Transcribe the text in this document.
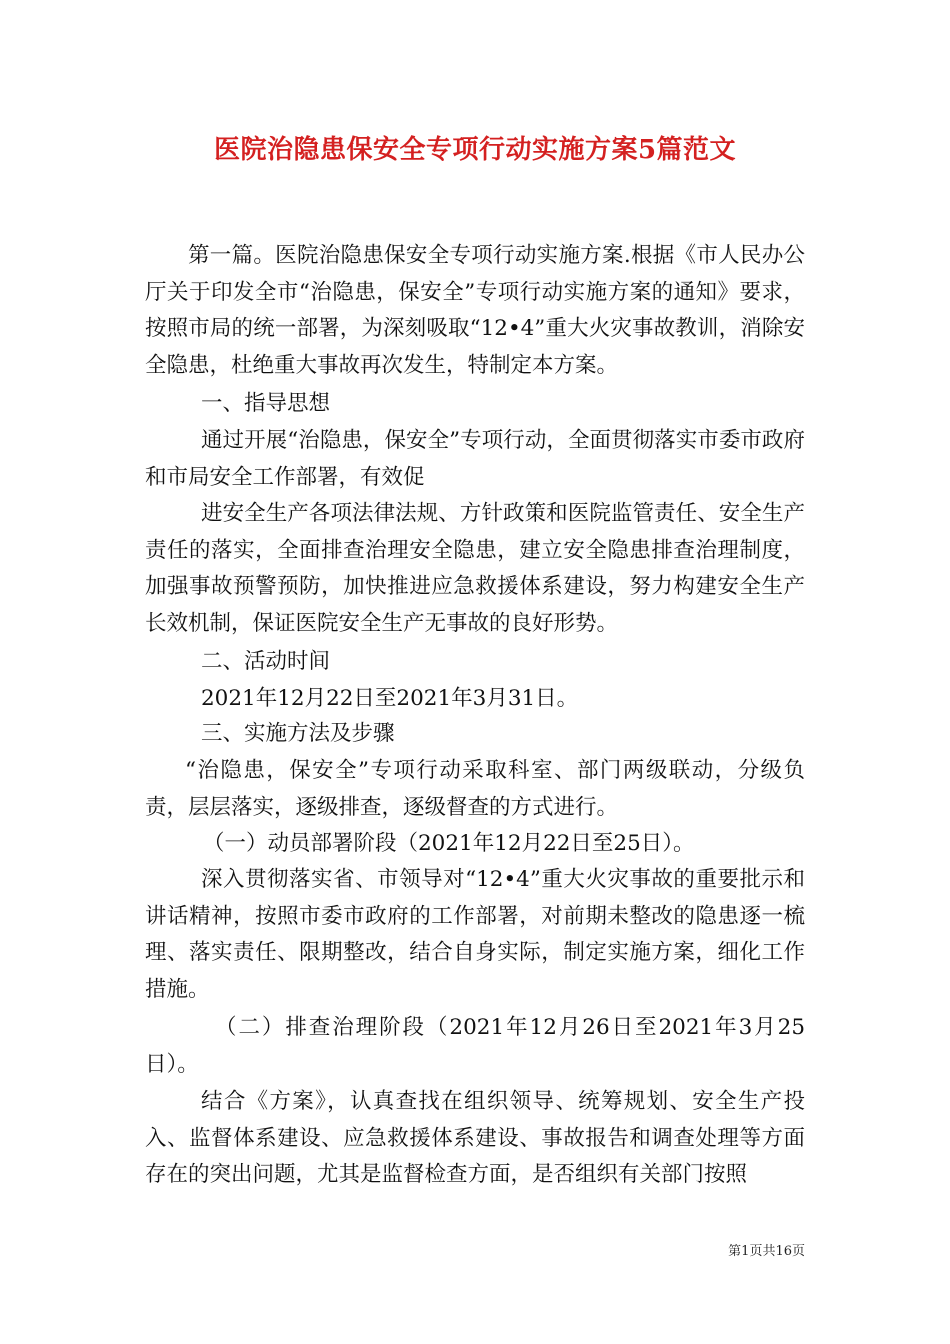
医院治隐患保安全专项行动实施方案5篇范文

第一篇。医院治隐患保安全专项行动实施方案.根据《市人民办公厅关于印发全市“治隐患，保安全”专项行动实施方案的通知》要求，按照市局的统一部署，为深刻吸取“12•4”重大火灾事故教训，消除安全隐患，杜绝重大事故再次发生，特制定本方案。

一、指导思想

通过开展“治隐患，保安全”专项行动，全面贯彻落实市委市政府和市局安全工作部署，有效促

进安全生产各项法律法规、方针政策和医院监管责任、安全生产责任的落实，全面排查治理安全隐患，建立安全隐患排查治理制度，加强事故预警预防，加快推进应急救援体系建设，努力构建安全生产长效机制，保证医院安全生产无事故的良好形势。

二、活动时间

2021年12月22日至2021年3月31日。

三、实施方法及步骤

“治隐患，保安全”专项行动采取科室、部门两级联动，分级负责，层层落实，逐级排查，逐级督查的方式进行。

（一）动员部署阶段（2021年12月22日至25日）。

深入贯彻落实省、市领导对“12•4”重大火灾事故的重要批示和讲话精神，按照市委市政府的工作部署，对前期未整改的隐患逐一梳理、落实责任、限期整改，结合自身实际，制定实施方案，细化工作措施。

（二）排查治理阶段（2021年12月26日至2021年3月25日）。

结合《方案》，认真查找在组织领导、统筹规划、安全生产投入、监督体系建设、应急救援体系建设、事故报告和调查处理等方面存在的突出问题，尤其是监督检查方面，是否组织有关部门按照

第1页共16页
